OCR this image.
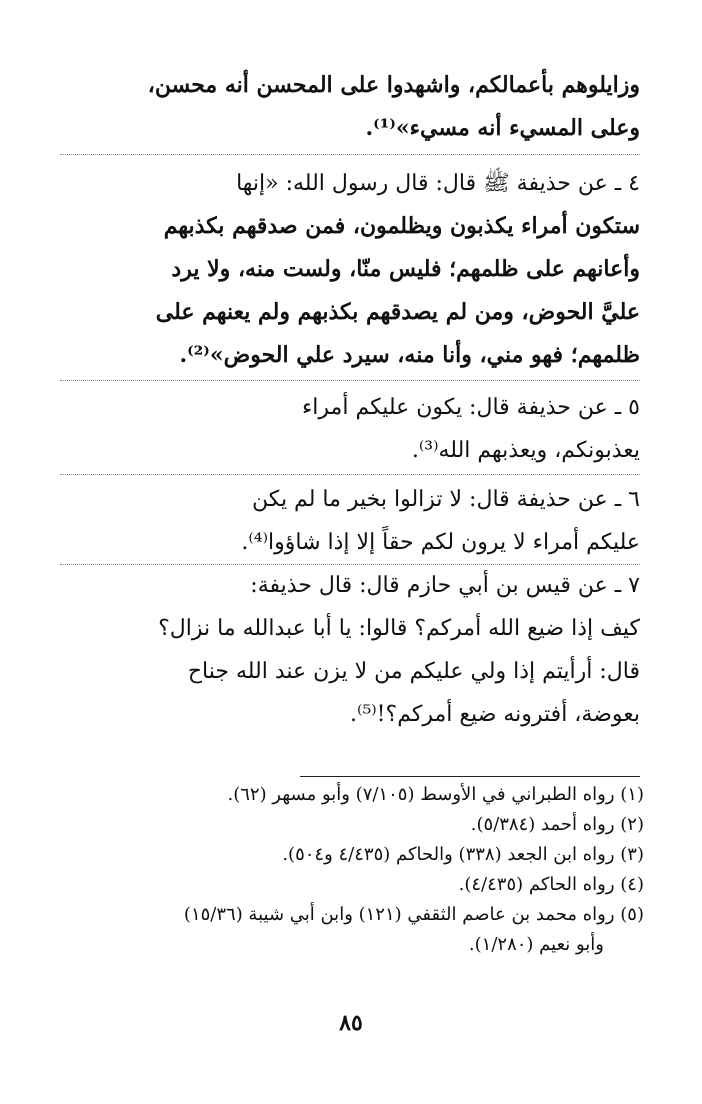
وزايلوهم بأعمالكم، واشهدوا على المحسن أنه محسن،
وعلى المسيء أنه مسيء»⁽¹⁾.
٤ ـ عن حذيفة ﷺ قال: قال رسول الله: «إنها
ستكون أمراء يكذبون ويظلمون، فمن صدقهم بكذبهم
وأعانهم على ظلمهم؛ فليس منّا، ولست منه، ولا يرد
عليَّ الحوض، ومن لم يصدقهم بكذبهم ولم يعنهم على
ظلمهم؛ فهو مني، وأنا منه، سيرد علي الحوض»⁽²⁾.
٥ ـ عن حذيفة قال: يكون عليكم أمراء
يعذبونكم، ويعذبهم الله⁽³⁾.
٦ ـ عن حذيفة قال: لا تزالوا بخير ما لم يكن
عليكم أمراء لا يرون لكم حقاً إلا إذا شاؤوا⁽⁴⁾.
٧ ـ عن قيس بن أبي حازم قال: قال حذيفة:
كيف إذا ضيع الله أمركم؟ قالوا: يا أبا عبدالله ما نزال؟
قال: أرأيتم إذا ولي عليكم من لا يزن عند الله جناح
بعوضة، أفترونه ضيع أمركم؟!⁽⁵⁾.
(١) رواه الطبراني في الأوسط (٧/١٠٥) وأبو مسهر (٦٢).
(٢) رواه أحمد (٥/٣٨٤).
(٣) رواه ابن الجعد (٣٣٨) والحاكم (٤/٤٣٥ و٥٠٤).
(٤) رواه الحاكم (٤/٤٣٥).
(٥) رواه محمد بن عاصم الثقفي (١٢١) وابن أبي شيبة (١٥/٣٦)
وأبو نعيم (١/٢٨٠).
٨٥
